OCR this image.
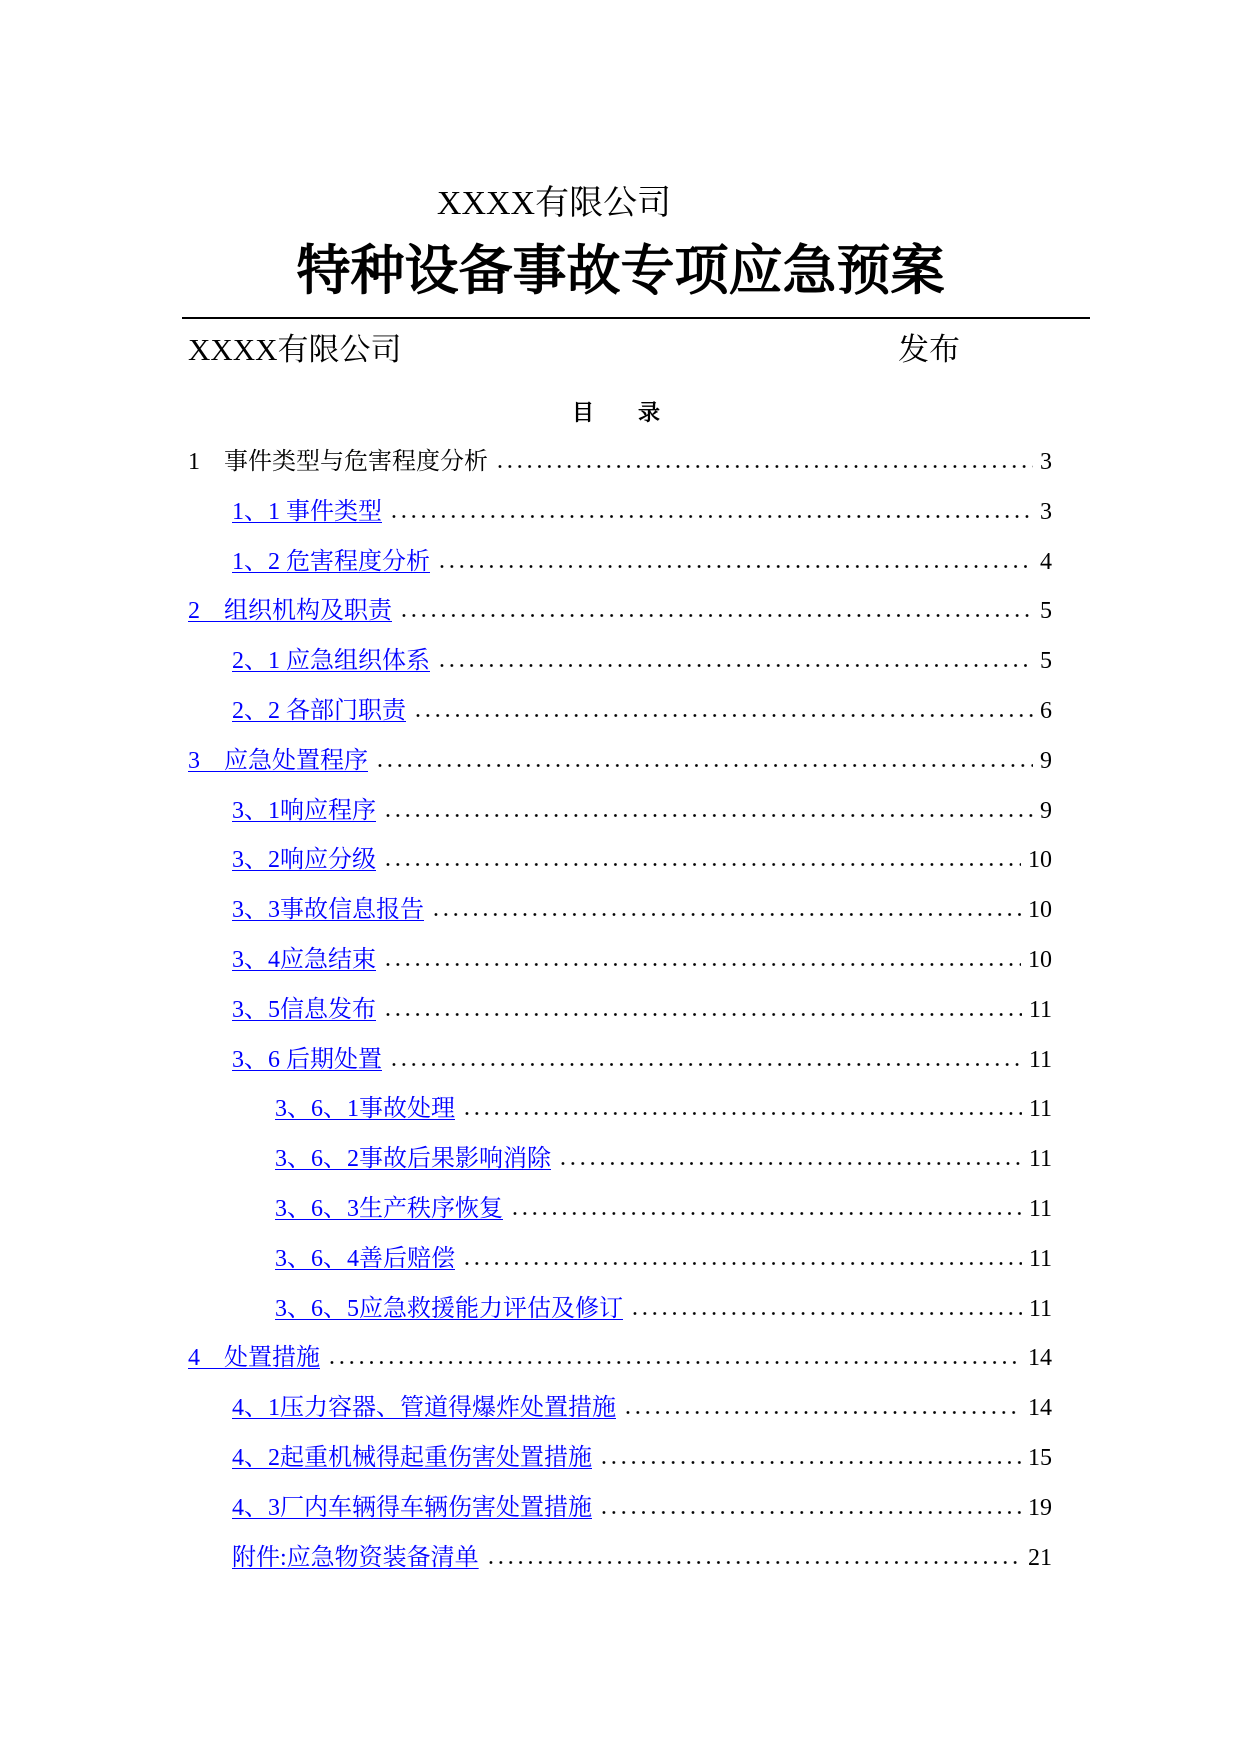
XXXX有限公司
特种设备事故专项应急预案
XXXX有限公司	发布
目　　录
1　事件类型与危害程度分析	3
1、1 事件类型	3
1、2 危害程度分析	4
2　组织机构及职责	5
2、1 应急组织体系	5
2、2 各部门职责	6
3　应急处置程序	9
3、1响应程序	9
3、2响应分级	10
3、3事故信息报告	10
3、4应急结束	10
3、5信息发布	11
3、6 后期处置	11
3、6、1事故处理	11
3、6、2事故后果影响消除	11
3、6、3生产秩序恢复	11
3、6、4善后赔偿	11
3、6、5应急救援能力评估及修订	11
4　处置措施	14
4、1压力容器、管道得爆炸处置措施	14
4、2起重机械得起重伤害处置措施	15
4、3厂内车辆得车辆伤害处置措施	19
附件:应急物资装备清单	21
